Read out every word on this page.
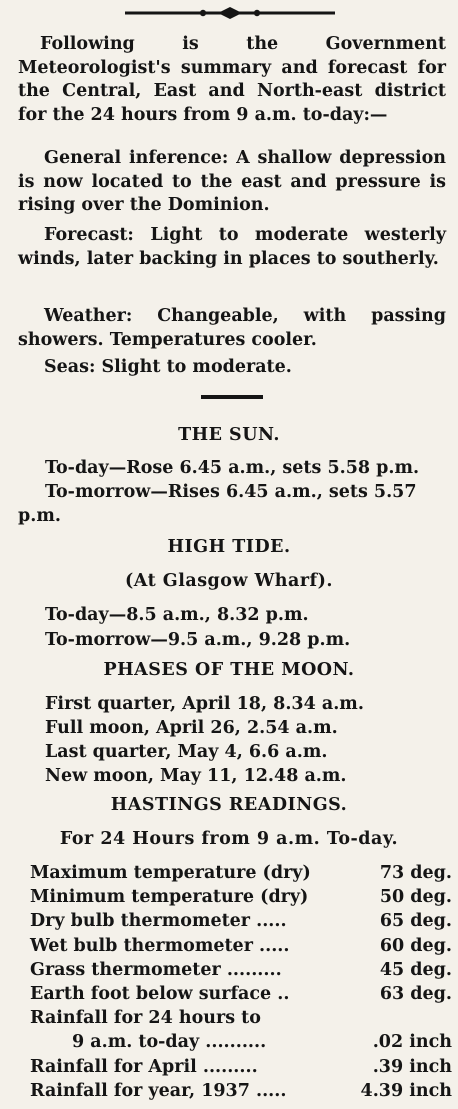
Following is the Government Meteorologist's summary and forecast for the Central, East and North-east district for the 24 hours from 9 a.m. to-day:—
General inference: A shallow depression is now located to the east and pressure is rising over the Dominion.
Forecast: Light to moderate westerly winds, later backing in places to southerly.
Weather: Changeable, with passing showers. Temperatures cooler.
Seas: Slight to moderate.
THE SUN.
To-day—Rose 6.45 a.m., sets 5.58 p.m.
To-morrow—Rises 6.45 a.m., sets 5.57
p.m.
HIGH TIDE.
(At Glasgow Wharf).
To-day—8.5 a.m., 8.32 p.m.
To-morrow—9.5 a.m., 9.28 p.m.
PHASES OF THE MOON.
First quarter, April 18, 8.34 a.m.
Full moon, April 26, 2.54 a.m.
Last quarter, May 4, 6.6 a.m.
New moon, May 11, 12.48 a.m.
HASTINGS READINGS.
For 24 Hours from 9 a.m. To-day.
Maximum temperature (dry)	73 deg.
Minimum temperature (dry)	50 deg.
Dry bulb thermometer .....	65 deg.
Wet bulb thermometer .....	60 deg.
Grass thermometer .........	45 deg.
Earth foot below surface ..	63 deg.
Rainfall for 24 hours to
9 a.m. to-day ..........	.02 inch
Rainfall for April .........	.39 inch
Rainfall for year, 1937 .....	4.39 inch
